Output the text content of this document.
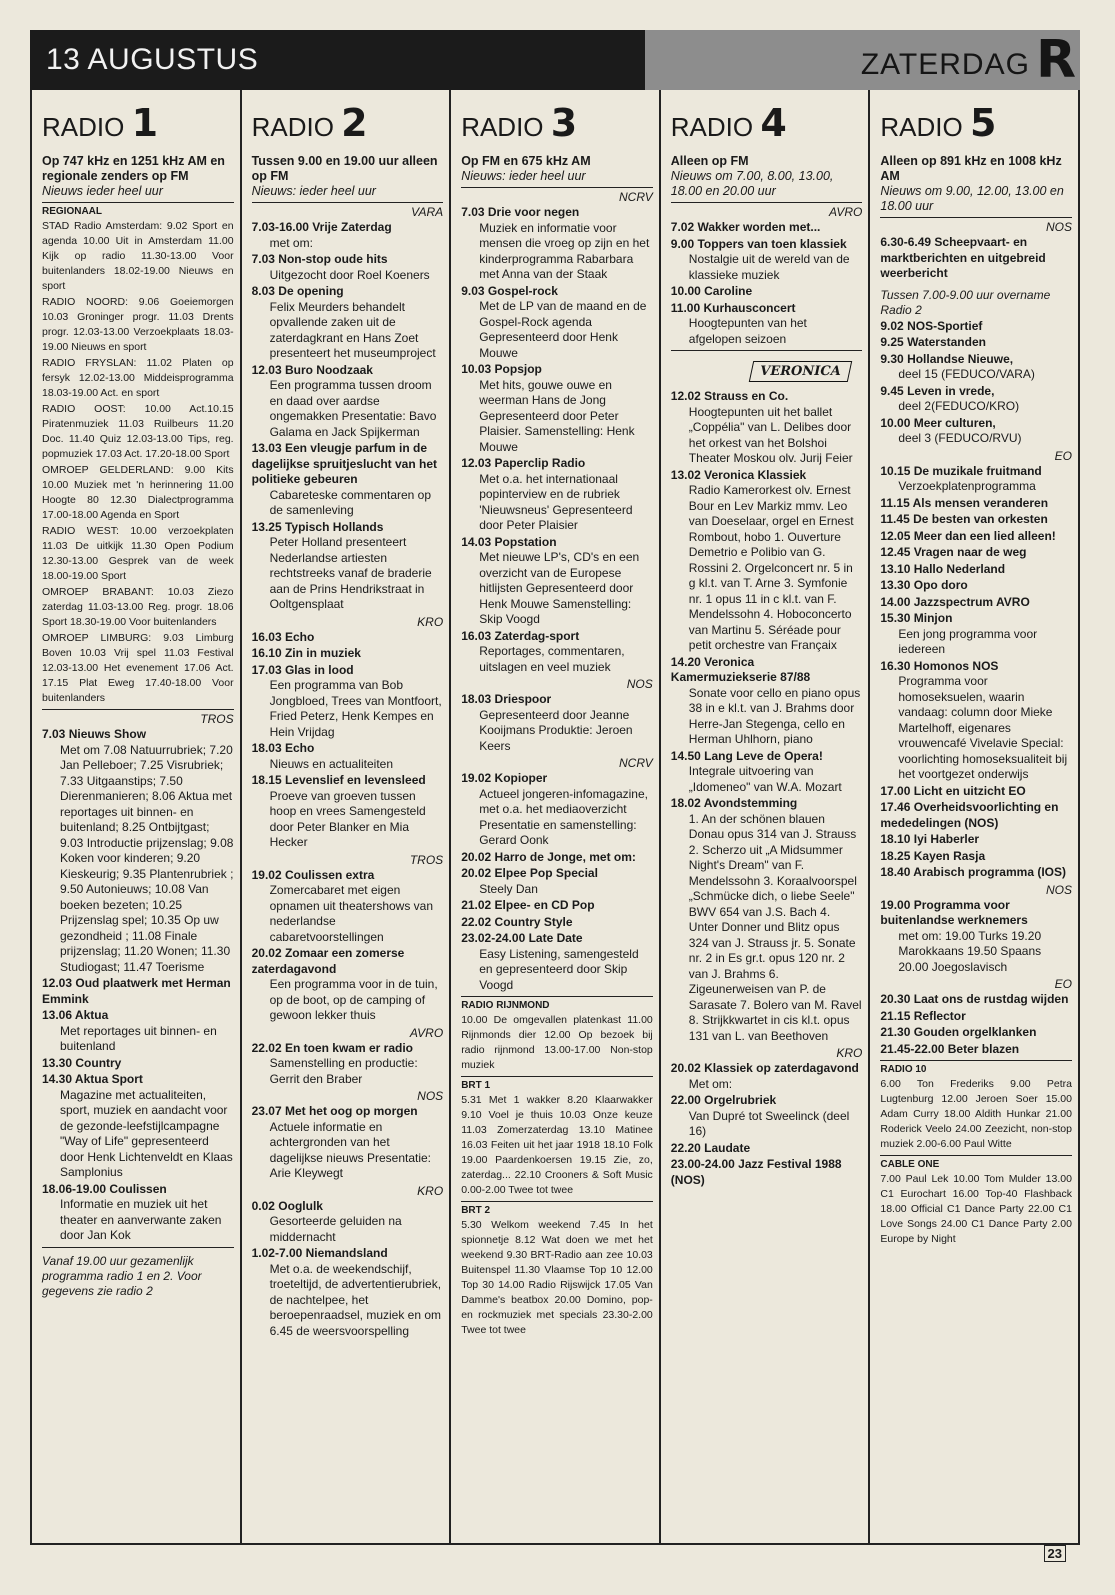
13 AUGUSTUS	ZATERDAG R
RADIO 1
Op 747 kHz en 1251 kHz AM en regionale zenders op FM
Nieuws ieder heel uur
REGIONAAL
STAD Radio Amsterdam: 9.02 Sport en agenda 10.00 Uit in Amsterdam 11.00 Kijk op radio 11.30-13.00 Voor buitenlanders 18.02-19.00 Nieuws en sport
RADIO NOORD: 9.06 Goeiemorgen 10.03 Groninger progr. 11.03 Drents progr. 12.03-13.00 Verzoekplaats 18.03-19.00 Nieuws en sport
RADIO FRYSLAN: 11.02 Platen op fersyk 12.02-13.00 Middeisprogramma 18.03-19.00 Act. en sport
RADIO OOST: 10.00 Act.10.15 Piratenmuziek 11.03 Ruilbeurs 11.20 Doc. 11.40 Quiz 12.03-13.00 Tips, reg. popmuziek 17.03 Act. 17.20-18.00 Sport
OMROEP GELDERLAND: 9.00 Kits 10.00 Muziek met 'n herinnering 11.00 Hoogte 80 12.30 Dialectprogramma 17.00-18.00 Agenda en Sport
RADIO WEST: 10.00 verzoekplaten 11.03 De uitkijk 11.30 Open Podium 12.30-13.00 Gesprek van de week 18.00-19.00 Sport
OMROEP BRABANT: 10.03 Ziezo zaterdag 11.03-13.00 Reg. progr. 18.06 Sport 18.30-19.00 Voor buitenlanders
OMROEP LIMBURG: 9.03 Limburg Boven 10.03 Vrij spel 11.03 Festival 12.03-13.00 Het evenement 17.06 Act. 17.15 Plat Eweg 17.40-18.00 Voor buitenlanders
TROS
7.03 Nieuws Show
Met om 7.08 Natuurrubriek; 7.20 Jan Pelleboer; 7.25 Visrubriek; 7.33 Uitgaanstips; 7.50 Dierenmanieren; 8.06 Aktua met reportages uit binnen- en buitenland; 8.25 Ontbijtgast; 9.03 Introductie prijzenslag; 9.08 Koken voor kinderen; 9.20 Kieskeurig; 9.35 Plantenrubriek ; 9.50 Autonieuws; 10.08 Van boeken bezeten; 10.25 Prijzenslag spel; 10.35 Op uw gezondheid ; 11.08 Finale prijzenslag; 11.20 Wonen; 11.30 Studiogast; 11.47 Toerisme
12.03 Oud plaatwerk met Herman Emmink
13.06 Aktua
Met reportages uit binnen- en buitenland
13.30 Country
14.30 Aktua Sport
Magazine met actualiteiten, sport, muziek en aandacht voor de gezonde-leefstijlcampagne "Way of Life" gepresenteerd door Henk Lichtenveldt en Klaas Samplonius
18.06-19.00 Coulissen
Informatie en muziek uit het theater en aanverwante zaken door Jan Kok
Vanaf 19.00 uur gezamenlijk programma radio 1 en 2. Voor gegevens zie radio 2
RADIO 2
Tussen 9.00 en 19.00 uur alleen op FM
Nieuws: ieder heel uur
VARA
7.03-16.00 Vrije Zaterdag
met om:
7.03 Non-stop oude hits
Uitgezocht door Roel Koeners
8.03 De opening
Felix Meurders behandelt opvallende zaken uit de zaterdagkrant en Hans Zoet presenteert het museumproject
12.03 Buro Noodzaak
Een programma tussen droom en daad over aardse ongemakken Presentatie: Bavo Galama en Jack Spijkerman
13.03 Een vleugje parfum in de dagelijkse spruitjeslucht van het politieke gebeuren
Cabareteske commentaren op de samenleving
13.25 Typisch Hollands
Peter Holland presenteert Nederlandse artiesten rechtstreeks vanaf de braderie aan de Prins Hendrikstraat in Ooltgensplaat
KRO
16.03 Echo
16.10 Zin in muziek
17.03 Glas in lood
Een programma van Bob Jongbloed, Trees van Montfoort, Fried Peterz, Henk Kempes en Hein Vrijdag
18.03 Echo
Nieuws en actualiteiten
18.15 Levenslief en levensleed
Proeve van groeven tussen hoop en vrees Samengesteld door Peter Blanker en Mia Hecker
TROS
19.02 Coulissen extra
Zomercabaret met eigen opnamen uit theatershows van nederlandse cabaretvoorstellingen
20.02 Zomaar een zomerse zaterdagavond
Een programma voor in de tuin, op de boot, op de camping of gewoon lekker thuis
AVRO
22.02 En toen kwam er radio
Samenstelling en productie: Gerrit den Braber
NOS
23.07 Met het oog op morgen
Actuele informatie en achtergronden van het dagelijkse nieuws Presentatie: Arie Kleywegt
KRO
0.02 Ooglulk
Gesorteerde geluiden na middernacht
1.02-7.00 Niemandsland
Met o.a. de weekendschijf, troeteltijd, de advertentierubriek, de nachtelpee, het beroepenraadsel, muziek en om 6.45 de weersvoorspelling
RADIO 3
Op FM en 675 kHz AM
Nieuws: ieder heel uur
NCRV
7.03 Drie voor negen
Muziek en informatie voor mensen die vroeg op zijn en het kinderprogramma Rabarbara met Anna van der Staak
9.03 Gospel-rock
Met de LP van de maand en de Gospel-Rock agenda Gepresenteerd door Henk Mouwe
10.03 Popsjop
Met hits, gouwe ouwe en weerman Hans de Jong Gepresenteerd door Peter Plaisier. Samenstelling: Henk Mouwe
12.03 Paperclip Radio
Met o.a. het internationaal popinterview en de rubriek 'Nieuwsneus' Gepresenteerd door Peter Plaisier
14.03 Popstation
Met nieuwe LP's, CD's en een overzicht van de Europese hitlijsten Gepresenteerd door Henk Mouwe Samenstelling: Skip Voogd
16.03 Zaterdag-sport
Reportages, commentaren, uitslagen en veel muziek
NOS
18.03 Driespoor
Gepresenteerd door Jeanne Kooijmans Produktie: Jeroen Keers
NCRV
19.02 Kopioper
Actueel jongeren-infomagazine, met o.a. het mediaoverzicht Presentatie en samenstelling: Gerard Oonk
20.02 Harro de Jonge, met om:
20.02 Elpee Pop Special
Steely Dan
21.02 Elpee- en CD Pop
22.02 Country Style
23.02-24.00 Late Date
Easy Listening, samengesteld en gepresenteerd door Skip Voogd
RADIO RIJNMOND
10.00 De omgevallen platenkast 11.00 Rijnmonds dier 12.00 Op bezoek bij radio rijnmond 13.00-17.00 Non-stop muziek
BRT 1
5.31 Met 1 wakker 8.20 Klaarwakker 9.10 Voel je thuis 10.03 Onze keuze 11.03 Zomerzaterdag 13.10 Matinee 16.03 Feiten uit het jaar 1918 18.10 Folk 19.00 Paardenkoersen 19.15 Zie, zo, zaterdag... 22.10 Crooners & Soft Music 0.00-2.00 Twee tot twee
BRT 2
5.30 Welkom weekend 7.45 In het spionnetje 8.12 Wat doen we met het weekend 9.30 BRT-Radio aan zee 10.03 Buitenspel 11.30 Vlaamse Top 10 12.00 Top 30 14.00 Radio Rijswijck 17.05 Van Damme's beatbox 20.00 Domino, pop- en rockmuziek met specials 23.30-2.00 Twee tot twee
RADIO 4
Alleen op FM
Nieuws om 7.00, 8.00, 13.00, 18.00 en 20.00 uur
AVRO
7.02 Wakker worden met...
9.00 Toppers van toen klassiek
Nostalgie uit de wereld van de klassieke muziek
10.00 Caroline
11.00 Kurhausconcert
Hoogtepunten van het afgelopen seizoen
VERONICA
12.02 Strauss en Co.
Hoogtepunten uit het ballet „Coppélia" van L. Delibes door het orkest van het Bolshoi Theater Moskou olv. Jurij Feier
13.02 Veronica Klassiek
Radio Kamerorkest olv. Ernest Bour en Lev Markiz mmv. Leo van Doeselaar, orgel en Ernest Rombout, hobo 1. Ouverture Demetrio e Polibio van G. Rossini 2. Orgelconcert nr. 5 in g kl.t. van T. Arne 3. Symfonie nr. 1 opus 11 in c kl.t. van F. Mendelssohn 4. Hoboconcerto van Martinu 5. Séréade pour petit orchestre van Françaix
14.20 Veronica Kamermuziekserie 87/88
Sonate voor cello en piano opus 38 in e kl.t. van J. Brahms door Herre-Jan Stegenga, cello en Herman Uhlhorn, piano
14.50 Lang Leve de Opera!
Integrale uitvoering van „Idomeneo" van W.A. Mozart
18.02 Avondstemming
1. An der schönen blauen Donau opus 314 van J. Strauss 2. Scherzo uit „A Midsummer Night's Dream" van F. Mendelssohn 3. Koraalvoorspel „Schmücke dich, o liebe Seele" BWV 654 van J.S. Bach 4. Unter Donner und Blitz opus 324 van J. Strauss jr. 5. Sonate nr. 2 in Es gr.t. opus 120 nr. 2 van J. Brahms 6. Zigeunerweisen van P. de Sarasate 7. Bolero van M. Ravel 8. Strijkkwartet in cis kl.t. opus 131 van L. van Beethoven
KRO
20.02 Klassiek op zaterdagavond
Met om:
22.00 Orgelrubriek
Van Dupré tot Sweelinck (deel 16)
22.20 Laudate
23.00-24.00 Jazz Festival 1988 (NOS)
RADIO 5
Alleen op 891 kHz en 1008 kHz AM
Nieuws om 9.00, 12.00, 13.00 en 18.00 uur
NOS
6.30-6.49 Scheepvaart- en marktberichten en uitgebreid weerbericht
Tussen 7.00-9.00 uur overname Radio 2
9.02 NOS-Sportief
9.25 Waterstanden
9.30 Hollandse Nieuwe,
deel 15 (FEDUCO/VARA)
9.45 Leven in vrede,
deel 2(FEDUCO/KRO)
10.00 Meer culturen,
deel 3 (FEDUCO/RVU)
EO
10.15 De muzikale fruitmand
Verzoekplatenprogramma
11.15 Als mensen veranderen
11.45 De besten van orkesten
12.05 Meer dan een lied alleen!
12.45 Vragen naar de weg
13.10 Hallo Nederland
13.30 Opo doro
14.00 Jazzspectrum AVRO
15.30 Minjon
Een jong programma voor iedereen
16.30 Homonos NOS
Programma voor homoseksuelen, waarin vandaag: column door Mieke Martelhoff, eigenares vrouwencafé Vivelavie Special: voorlichting homoseksualiteit bij het voortgezet onderwijs
17.00 Licht en uitzicht EO
17.46 Overheidsvoorlichting en mededelingen (NOS)
18.10 Iyi Haberler
18.25 Kayen Rasja
18.40 Arabisch programma (IOS)
NOS
19.00 Programma voor buitenlandse werknemers
met om: 19.00 Turks 19.20 Marokkaans 19.50 Spaans 20.00 Joegoslavisch
EO
20.30 Laat ons de rustdag wijden
21.15 Reflector
21.30 Gouden orgelklanken
21.45-22.00 Beter blazen
RADIO 10
6.00 Ton Frederiks 9.00 Petra Lugtenburg 12.00 Jeroen Soer 15.00 Adam Curry 18.00 Aldith Hunkar 21.00 Roderick Veelo 24.00 Zeezicht, non-stop muziek 2.00-6.00 Paul Witte
CABLE ONE
7.00 Paul Lek 10.00 Tom Mulder 13.00 C1 Eurochart 16.00 Top-40 Flashback 18.00 Official C1 Dance Party 22.00 C1 Love Songs 24.00 C1 Dance Party 2.00 Europe by Night
23
